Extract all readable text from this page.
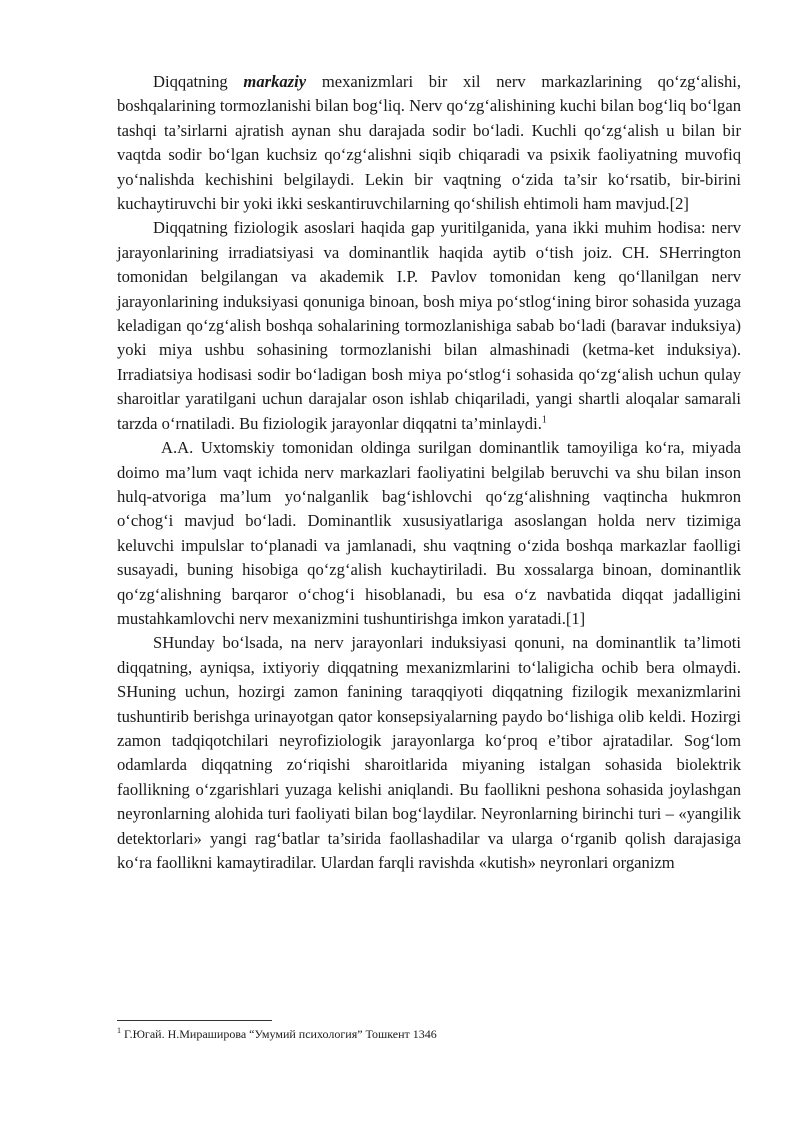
Diqqatning markaziy mexanizmlari bir xil nerv markazlarining qo‘zg‘alishi, boshqalarining tormozlanishi bilan bog‘liq. Nerv qo‘zg‘alishining kuchi bilan bog‘liq bo‘lgan tashqi ta’sirlarni ajratish aynan shu darajada sodir bo‘ladi. Kuchli qo‘zg‘alish u bilan bir vaqtda sodir bo‘lgan kuchsiz qo‘zg‘alishni siqib chiqaradi va psixik faoliyatning muvofiq yo‘nalishda kechishini belgilaydi. Lekin bir vaqtning o‘zida ta’sir ko‘rsatib, bir-birini kuchaytiruvchi bir yoki ikki seskantiruvchilarning qo‘shilish ehtimoli ham mavjud.[2]

Diqqatning fiziologik asoslari haqida gap yuritilganida, yana ikki muhim hodisa: nerv jarayonlarining irradiatsiyasi va dominantlik haqida aytib o‘tish joiz. CH. SHerrington tomonidan belgilangan va akademik I.P. Pavlov tomonidan keng qo‘llanilgan nerv jarayonlarining induksiyasi qonuniga binoan, bosh miya po‘stlog‘ining biror sohasida yuzaga keladigan qo‘zg‘alish boshqa sohalarining tormozlanishiga sabab bo‘ladi (baravar induksiya) yoki miya ushbu sohasining tormozlanishi bilan almashinadi (ketma-ket induksiya). Irradiatsiya hodisasi sodir bo‘ladigan bosh miya po‘stlog‘i sohasida qo‘zg‘alish uchun qulay sharoitlar yaratilgani uchun darajalar oson ishlab chiqariladi, yangi shartli aloqalar samarali tarzda o‘rnatiladi. Bu fiziologik jarayonlar diqqatni ta’minlaydi.$^1$

A.A. Uxtomskiy tomonidan oldinga surilgan dominantlik tamoyiliga ko‘ra, miyada doimo ma’lum vaqt ichida nerv markazlari faoliyatini belgilab beruvchi va shu bilan inson hulq-atvoriga ma’lum yo‘nalganlik bag‘ishlovchi qo‘zg‘alishning vaqtincha hukmron o‘chog‘i mavjud bo‘ladi. Dominantlik xususiyatlariga asoslangan holda nerv tizimiga keluvchi impulslar to‘planadi va jamlanadi, shu vaqtning o‘zida boshqa markazlar faolligi susayadi, buning hisobiga qo‘zg‘alish kuchaytiriladi. Bu xossalarga binoan, dominantlik qo‘zg‘alishning barqaror o‘chog‘i hisoblanadi, bu esa o‘z navbatida diqqat jadalligini mustahkamlovchi nerv mexanizmini tushuntirishga imkon yaratadi.[1]

SHunday bo‘lsada, na nerv jarayonlari induksiyasi qonuni, na dominantlik ta’limoti diqqatning, ayniqsa, ixtiyoriy diqqatning mexanizmlarini to‘laligicha ochib bera olmaydi. SHuning uchun, hozirgi zamon fanining taraqqiyoti diqqatning fizilogik mexanizmlarini tushuntirib berishga urinayotgan qator konsepsiyalarning paydo bo‘lishiga olib keldi. Hozirgi zamon tadqiqotchilari neyrofiziologik jarayonlarga ko‘proq e’tibor ajratadilar. Sog‘lom odamlarda diqqatning zo‘riqishi sharoitlarida miyaning istalgan sohasida biolektrik faollikning o‘zgarishlari yuzaga kelishi aniqlandi. Bu faollikni peshona sohasida joylashgan neyronlarning alohida turi faoliyati bilan bog‘laydilar. Neyronlarning birinchi turi – «yangilik detektorlari» yangi rag‘batlar ta’sirida faollashadilar va ularga o‘rganib qolish darajasiga ko‘ra faollikni kamaytiradilar. Ulardan farqli ravishda «kutish» neyronlari organizm

$^1$ Г.Югай. Н.Мираширова “Умумий психология” Тошкент 1346
